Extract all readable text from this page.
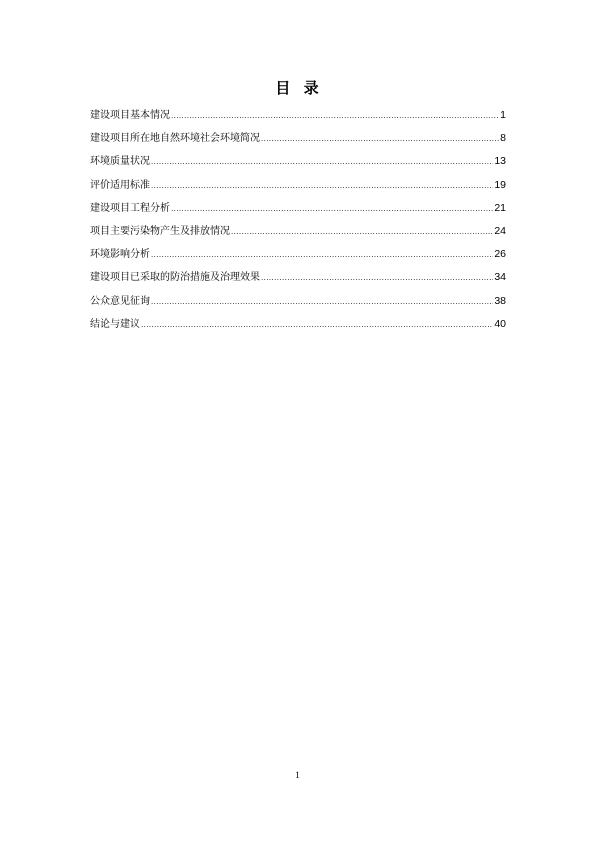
目 录
建设项目基本情况 .....	1
建设项目所在地自然环境社会环境简况 .....	8
环境质量状况 .....	13
评价适用标准 .....	19
建设项目工程分析 .....	21
项目主要污染物产生及排放情况 .....	24
环境影响分析 .....	26
建设项目已采取的防治措施及治理效果 .....	34
公众意见征询 .....	38
结论与建议 .....	40
1
